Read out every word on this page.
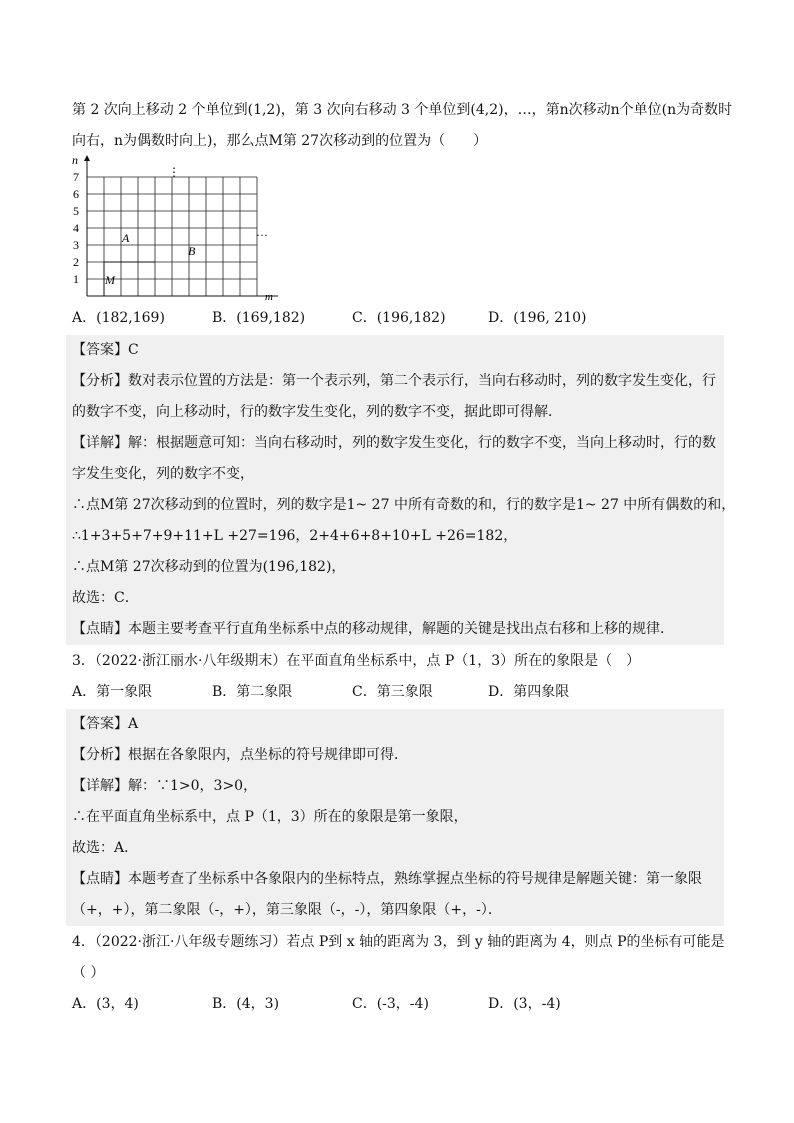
第 2 次向上移动 2 个单位到(1,2)，第 3 次向右移动 3 个单位到(4,2)，…，第n次移动n个单位(n为奇数时
向右，n为偶数时向上)，那么点M第 27次移动到的位置为（　　）
n
m
1
2
3
4
5
6
7
A
B
M
…
⋮
A．(182,169)	B．(169,182)	C．(196,182)	D．(196, 210)
【答案】C
【分析】数对表示位置的方法是：第一个表示列，第二个表示行，当向右移动时，列的数字发生变化，行
的数字不变，向上移动时，行的数字发生变化，列的数字不变，据此即可得解．
【详解】解：根据题意可知：当向右移动时，列的数字发生变化，行的数字不变，当向上移动时，行的数
字发生变化，列的数字不变，
∴点M第 27次移动到的位置时，列的数字是1~ 27 中所有奇数的和，行的数字是1~ 27 中所有偶数的和，
∴1+3+5+7+9+11+L +27=196，2+4+6+8+10+L +26=182，
∴点M第 27次移动到的位置为(196,182)，
故选：C．
【点睛】本题主要考查平行直角坐标系中点的移动规律，解题的关键是找出点右移和上移的规律．
3．（2022·浙江丽水·八年级期末）在平面直角坐标系中，点 P（1，3）所在的象限是（　）
A．第一象限	B．第二象限	C．第三象限	D．第四象限
【答案】A
【分析】根据在各象限内，点坐标的符号规律即可得．
【详解】解：∵1>0，3>0，
∴在平面直角坐标系中，点 P（1，3）所在的象限是第一象限，
故选：A．
【点睛】本题考查了坐标系中各象限内的坐标特点，熟练掌握点坐标的符号规律是解题关键：第一象限
（+，+），第二象限（-，+），第三象限（-，-），第四象限（+，-）．
4．（2022·浙江·八年级专题练习）若点 P到 x 轴的距离为 3，到 y 轴的距离为 4，则点 P的坐标有可能是
（ ）
A．(3，4)	B．(4，3)	C．(-3，-4)	D．(3，-4)
